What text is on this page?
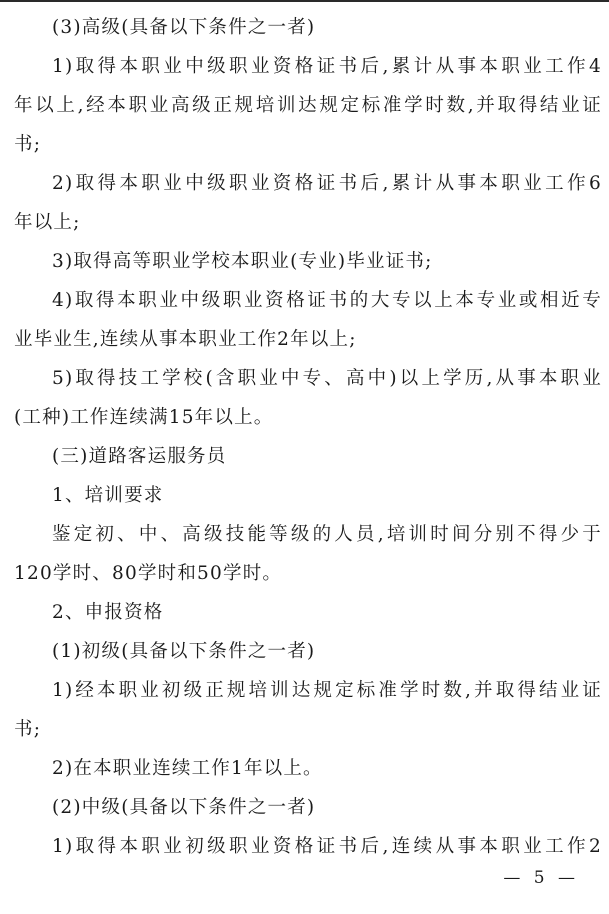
(3)高级(具备以下条件之一者)
1)取得本职业中级职业资格证书后,累计从事本职业工作4
年以上,经本职业高级正规培训达规定标准学时数,并取得结业证
书;
2)取得本职业中级职业资格证书后,累计从事本职业工作6
年以上;
3)取得高等职业学校本职业(专业)毕业证书;
4)取得本职业中级职业资格证书的大专以上本专业或相近专
业毕业生,连续从事本职业工作2年以上;
5)取得技工学校(含职业中专、高中)以上学历,从事本职业
(工种)工作连续满15年以上。
(三)道路客运服务员
1、培训要求
鉴定初、中、高级技能等级的人员,培训时间分别不得少于
120学时、80学时和50学时。
2、申报资格
(1)初级(具备以下条件之一者)
1)经本职业初级正规培训达规定标准学时数,并取得结业证
书;
2)在本职业连续工作1年以上。
(2)中级(具备以下条件之一者)
1)取得本职业初级职业资格证书后,连续从事本职业工作2
— 5 —
